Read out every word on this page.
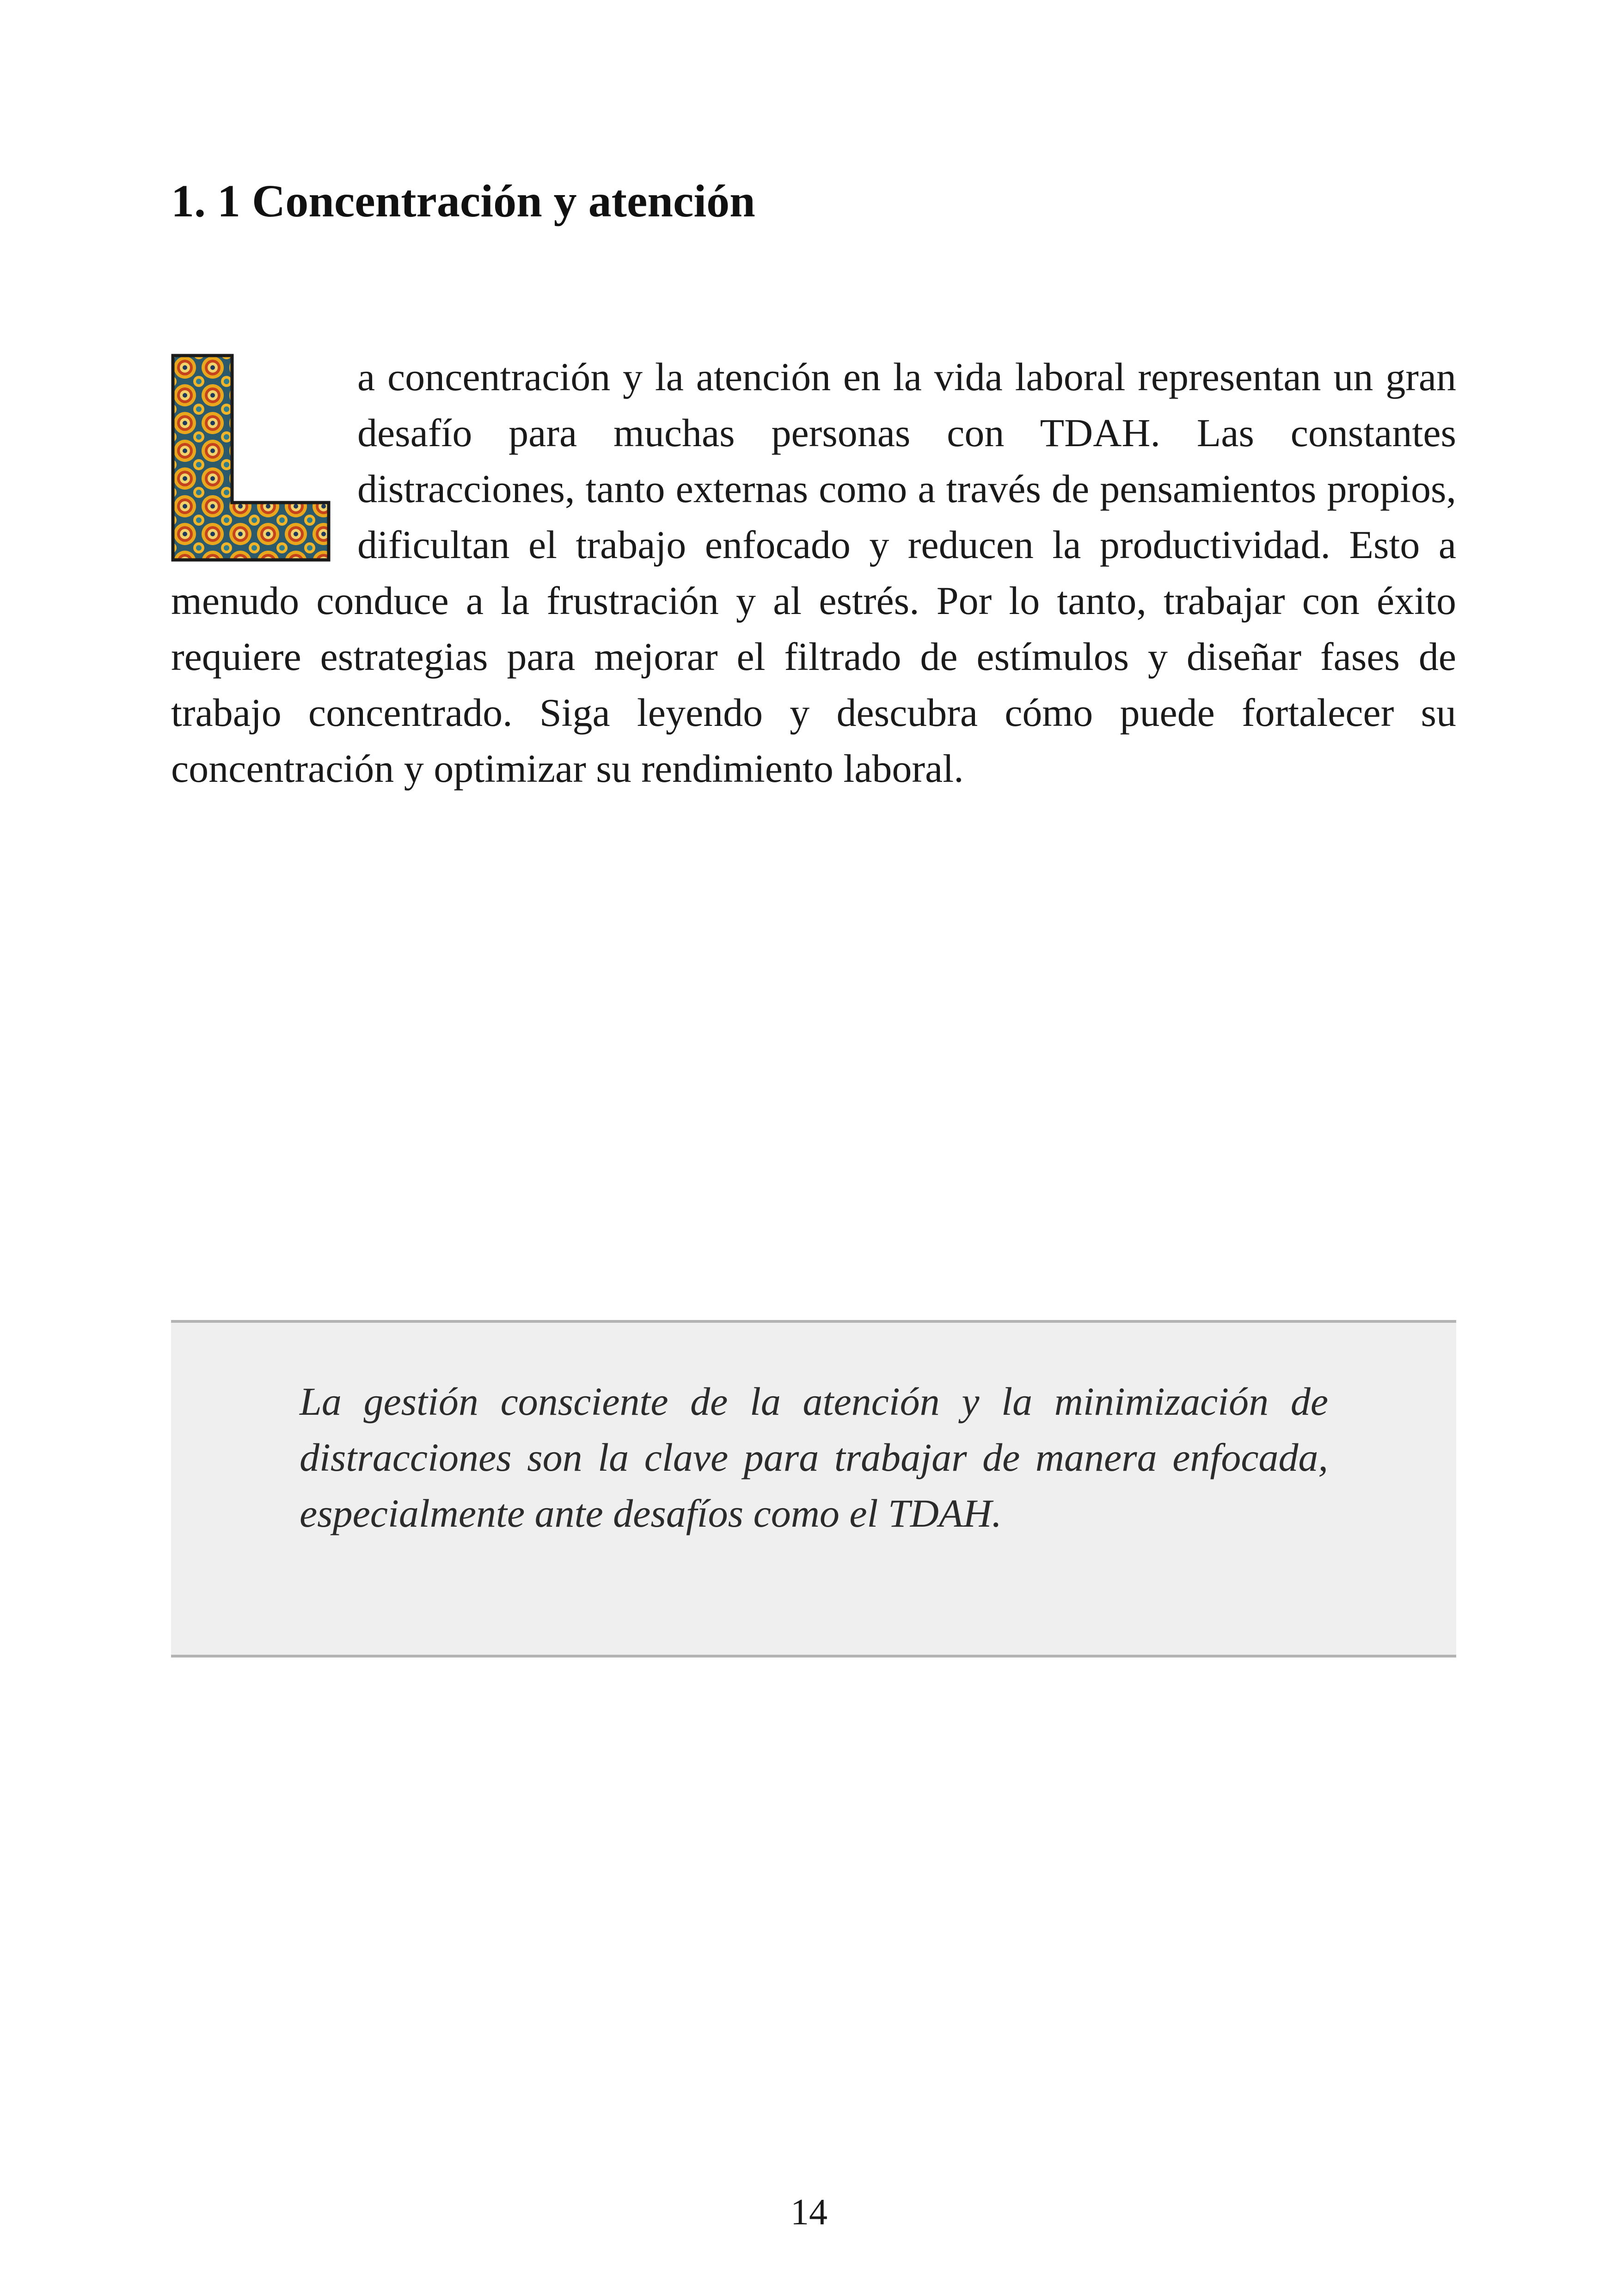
1. 1 Concentración y atención

a concentración y la atención en la vida laboral representan un gran desafío para muchas personas con TDAH. Las constantes distracciones, tanto externas como a través de pensamientos propios, dificultan el trabajo enfocado y reducen la productividad. Esto a menudo conduce a la frustración y al estrés. Por lo tanto, trabajar con éxito requiere estrategias para mejorar el filtrado de estímulos y diseñar fases de trabajo concentrado. Siga leyendo y descubra cómo puede fortalecer su concentración y optimizar su rendimiento laboral.

La gestión consciente de la atención y la minimización de distracciones son la clave para trabajar de manera enfocada, especialmente ante desafíos como el TDAH.

14
